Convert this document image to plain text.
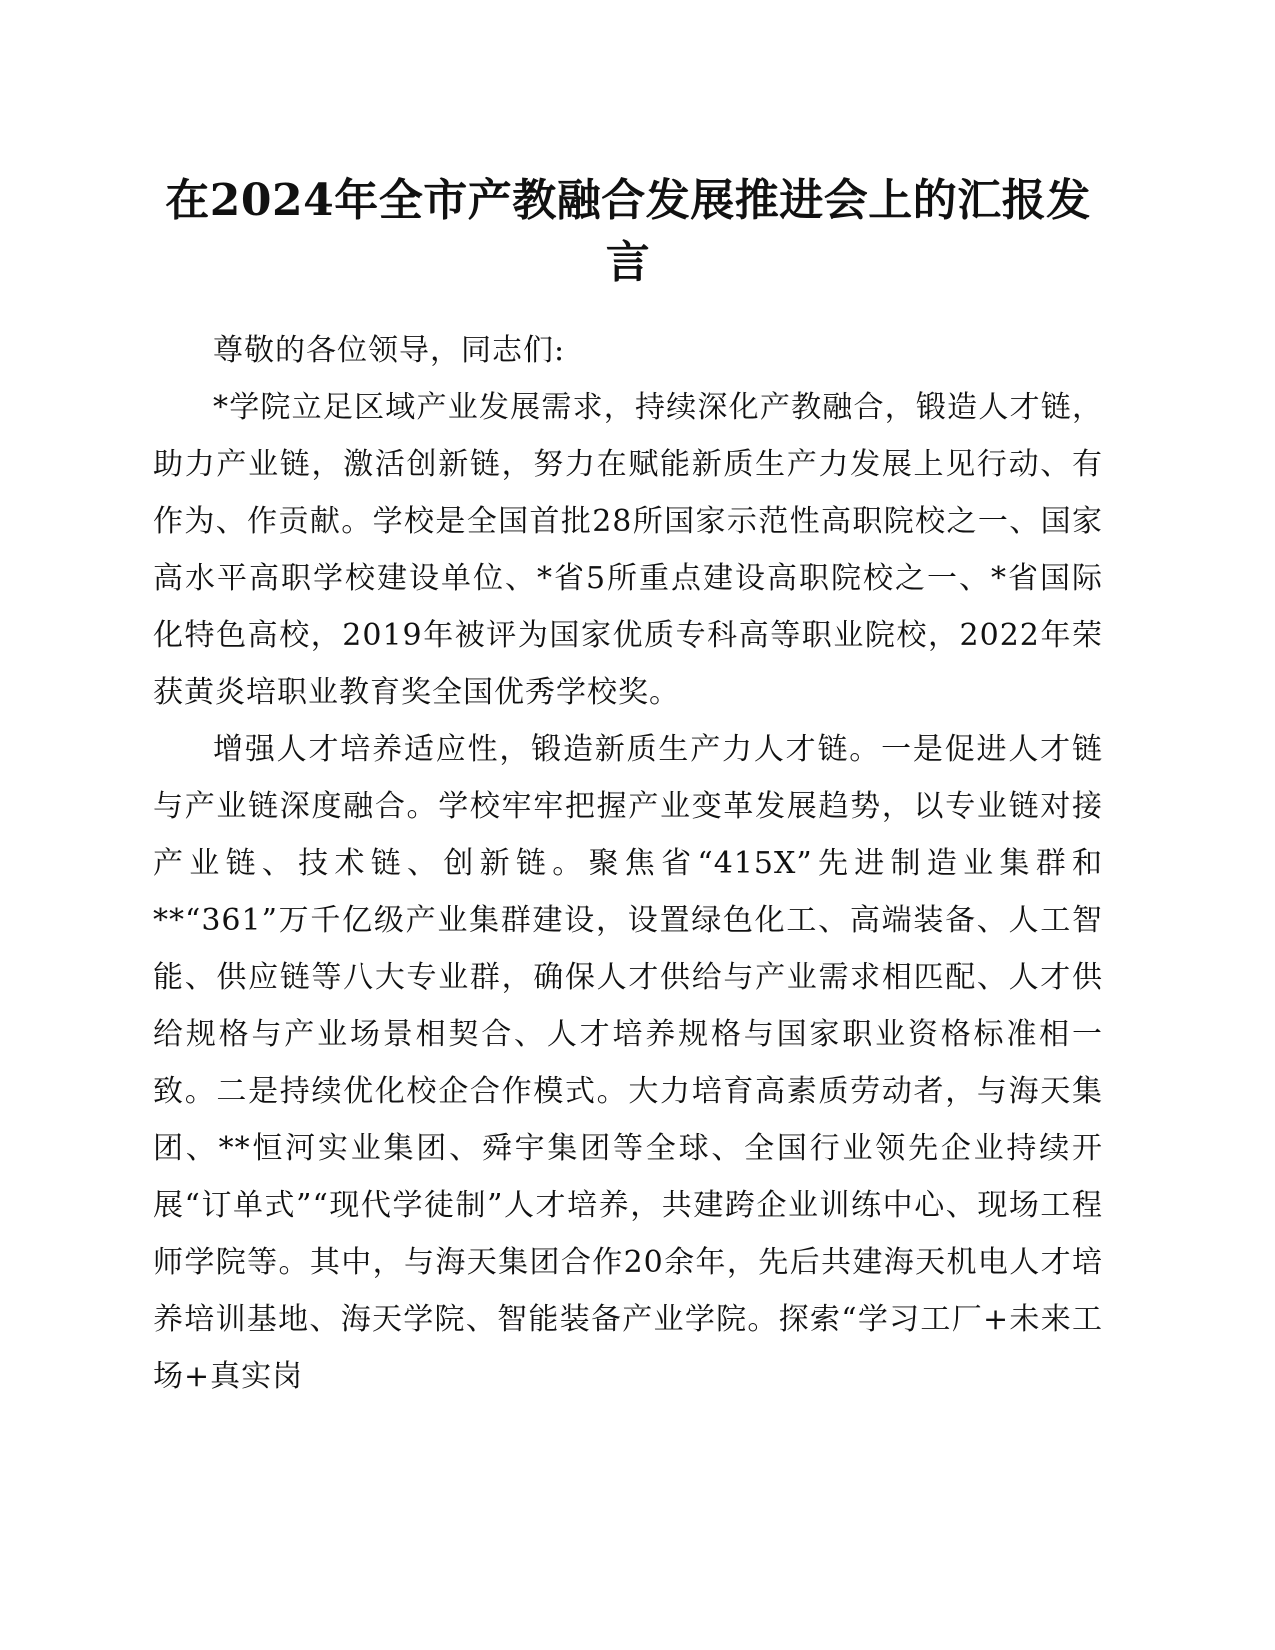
在2024年全市产教融合发展推进会上的汇报发言

尊敬的各位领导，同志们:

*学院立足区域产业发展需求，持续深化产教融合，锻造人才链，助力产业链，激活创新链，努力在赋能新质生产力发展上见行动、有作为、作贡献。学校是全国首批28所国家示范性高职院校之一、国家高水平高职学校建设单位、*省5所重点建设高职院校之一、*省国际化特色高校，2019年被评为国家优质专科高等职业院校，2022年荣获黄炎培职业教育奖全国优秀学校奖。

增强人才培养适应性，锻造新质生产力人才链。一是促进人才链与产业链深度融合。学校牢牢把握产业变革发展趋势，以专业链对接产业链、技术链、创新链。聚焦省“415X”先进制造业集群和**“361”万千亿级产业集群建设，设置绿色化工、高端装备、人工智能、供应链等八大专业群，确保人才供给与产业需求相匹配、人才供给规格与产业场景相契合、人才培养规格与国家职业资格标准相一致。二是持续优化校企合作模式。大力培育高素质劳动者，与海天集团、**恒河实业集团、舜宇集团等全球、全国行业领先企业持续开展“订单式”“现代学徒制”人才培养，共建跨企业训练中心、现场工程师学院等。其中，与海天集团合作20余年，先后共建海天机电人才培养培训基地、海天学院、智能装备产业学院。探索“学习工厂+未来工场+真实岗
